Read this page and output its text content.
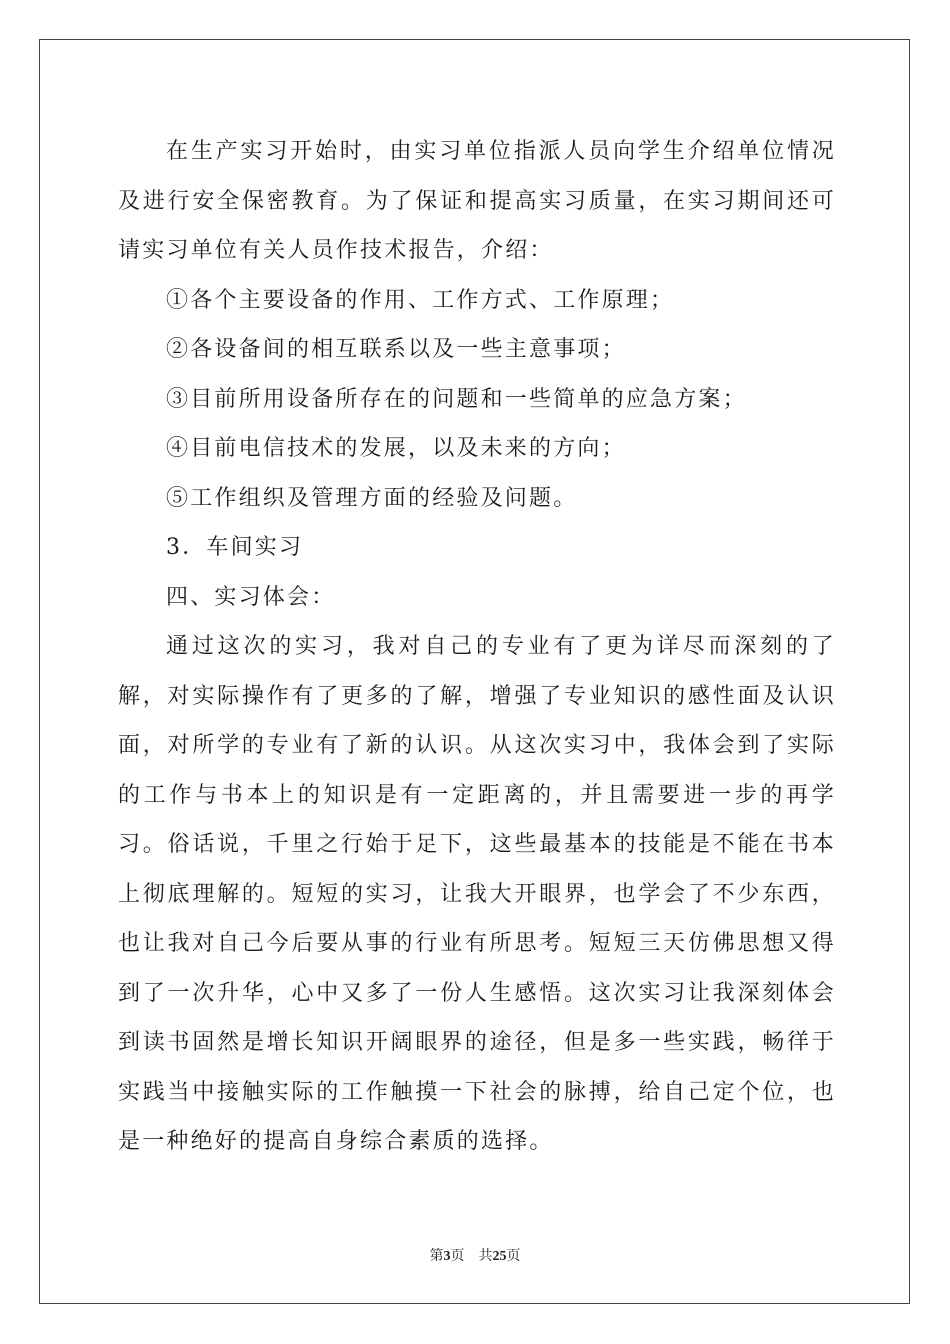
在生产实习开始时，由实习单位指派人员向学生介绍单位情况及进行安全保密教育。为了保证和提高实习质量，在实习期间还可请实习单位有关人员作技术报告，介绍：

①各个主要设备的作用、工作方式、工作原理；

②各设备间的相互联系以及一些主意事项；

③目前所用设备所存在的问题和一些简单的应急方案；

④目前电信技术的发展，以及未来的方向；

⑤工作组织及管理方面的经验及问题。

3．车间实习

四、实习体会：

通过这次的实习，我对自己的专业有了更为详尽而深刻的了解，对实际操作有了更多的了解，增强了专业知识的感性面及认识面，对所学的专业有了新的认识。从这次实习中，我体会到了实际的工作与书本上的知识是有一定距离的，并且需要进一步的再学习。俗话说，千里之行始于足下，这些最基本的技能是不能在书本上彻底理解的。短短的实习，让我大开眼界，也学会了不少东西，也让我对自己今后要从事的行业有所思考。短短三天仿佛思想又得到了一次升华，心中又多了一份人生感悟。这次实习让我深刻体会到读书固然是增长知识开阔眼界的途径，但是多一些实践，畅徉于实践当中接触实际的工作触摸一下社会的脉搏，给自己定个位，也是一种绝好的提高自身综合素质的选择。

第3页 共25页
